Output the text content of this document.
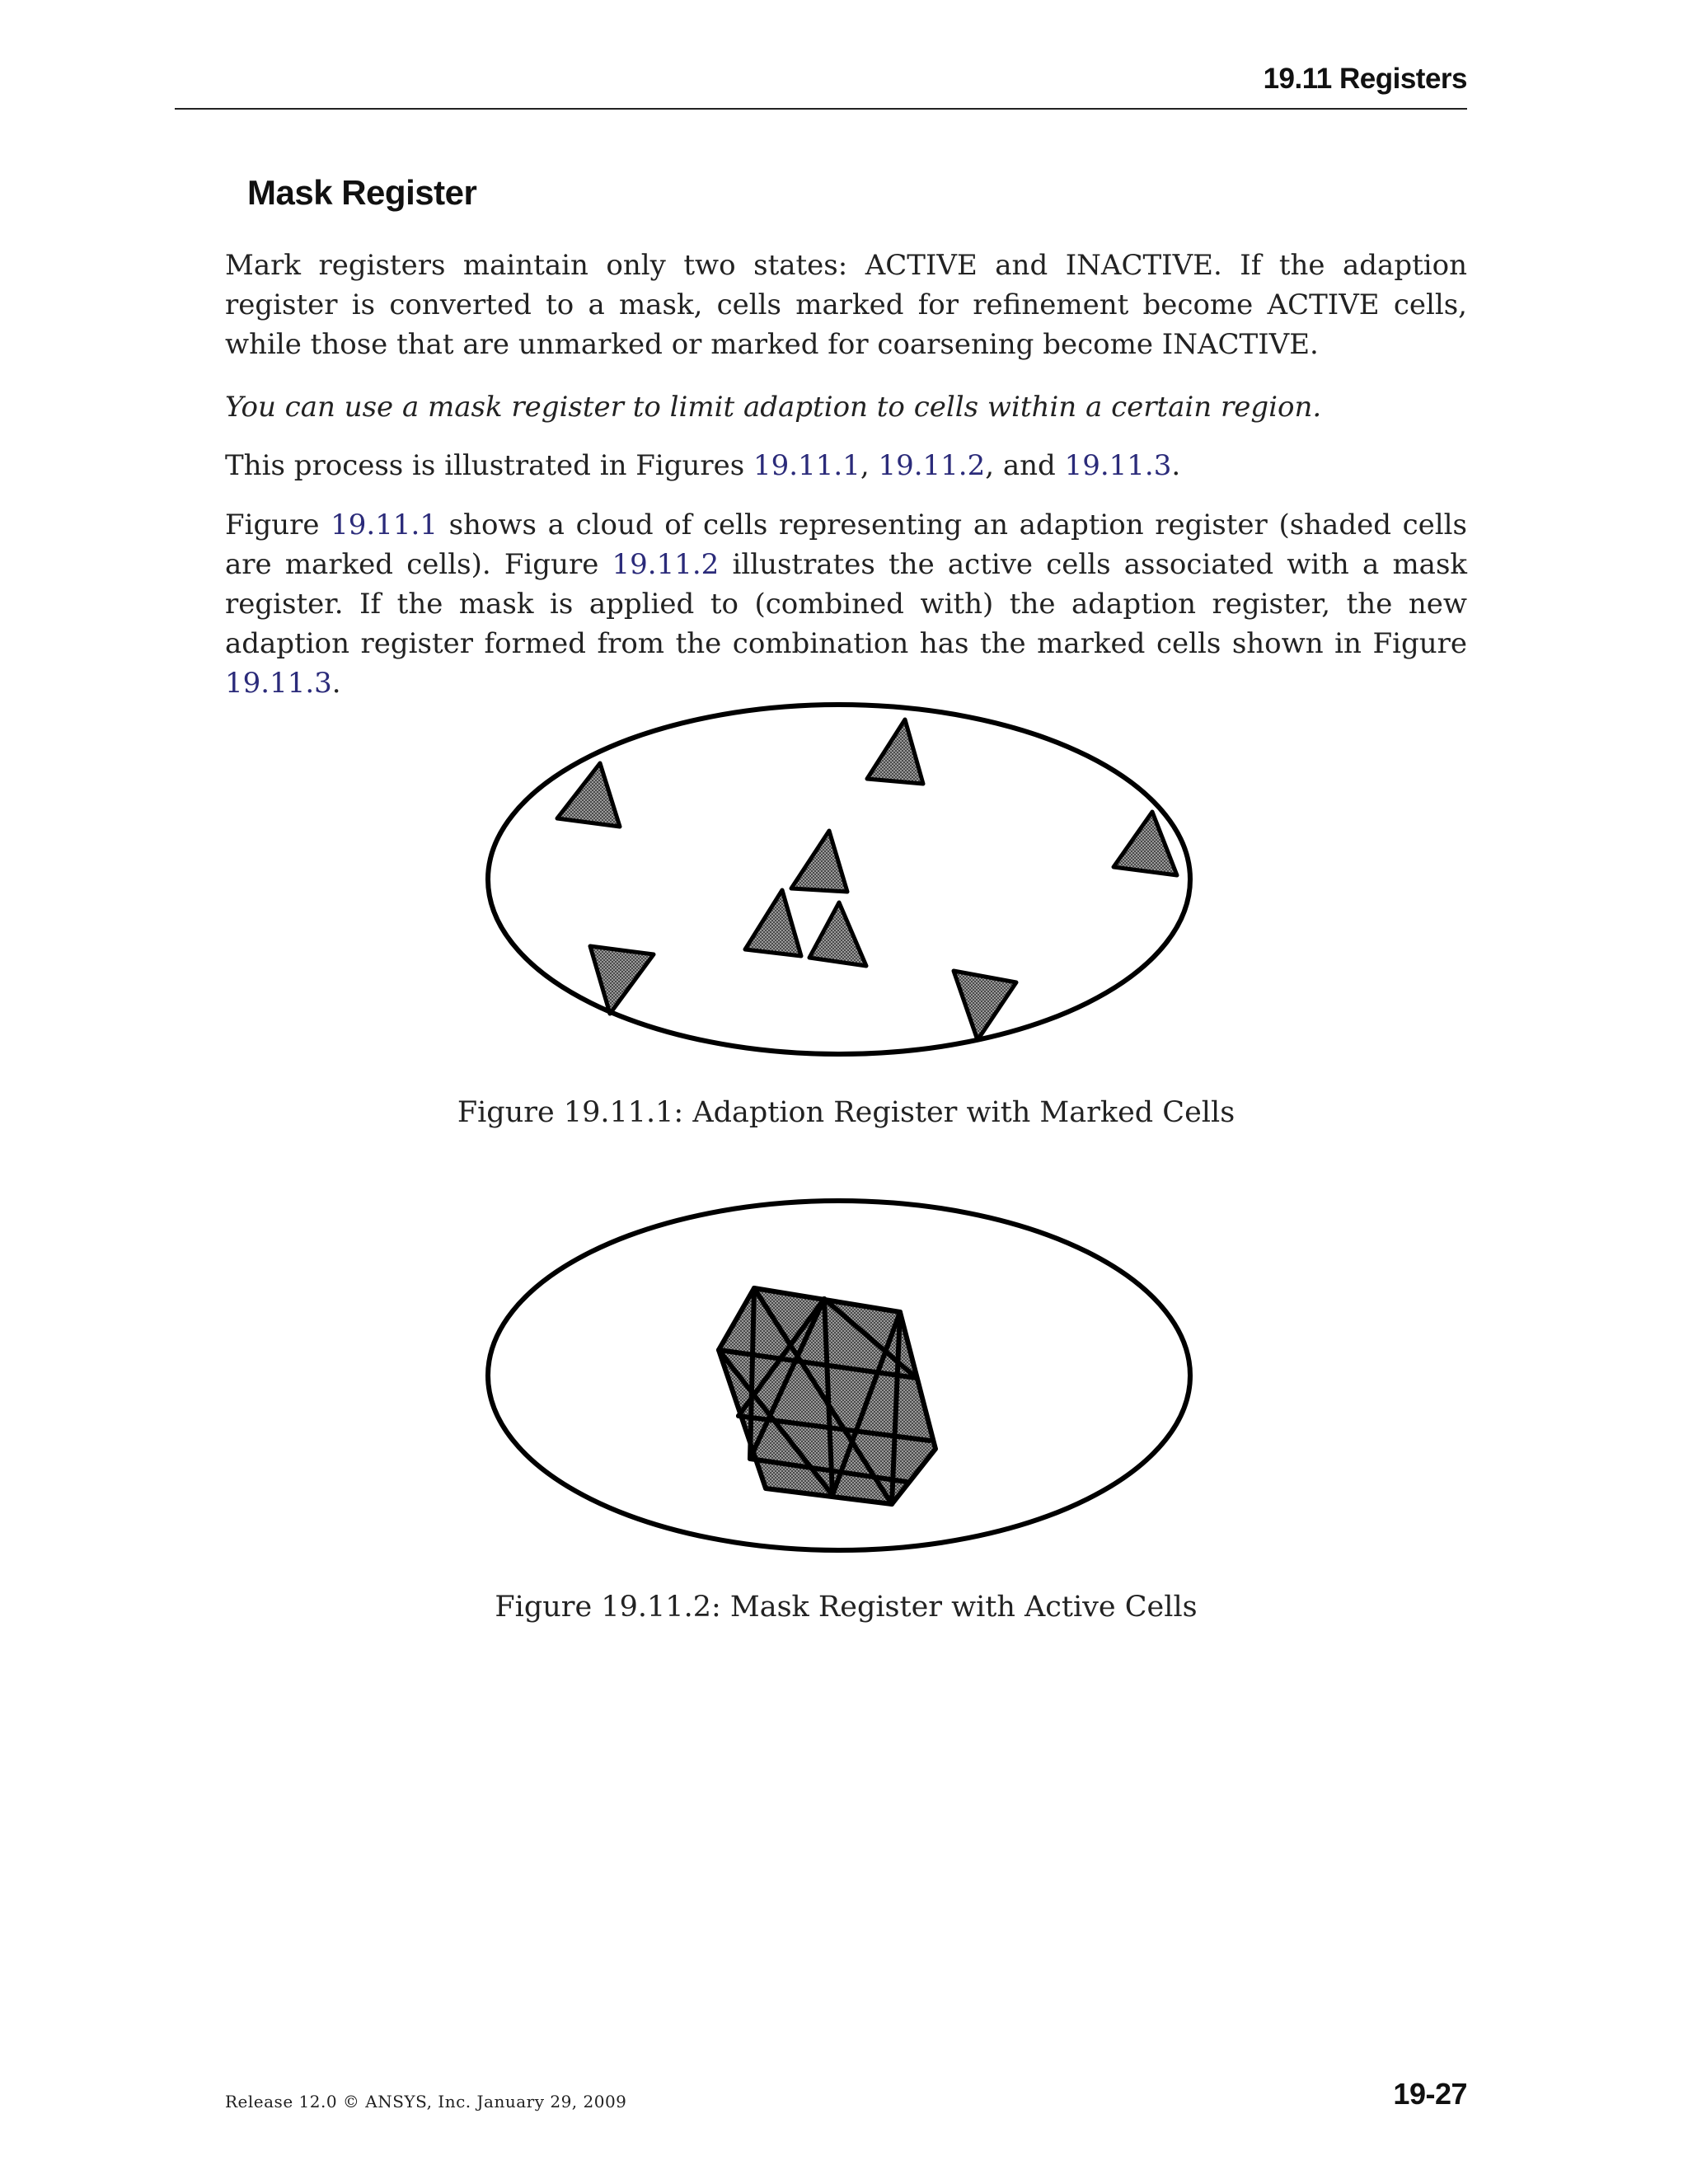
19.11 Registers
Mask Register

Mark registers maintain only two states: ACTIVE and INACTIVE. If the adaption register is converted to a mask, cells marked for refinement become ACTIVE cells, while those that are unmarked or marked for coarsening become INACTIVE.

You can use a mask register to limit adaption to cells within a certain region.

This process is illustrated in Figures 19.11.1, 19.11.2, and 19.11.3.

Figure 19.11.1 shows a cloud of cells representing an adaption register (shaded cells are marked cells). Figure 19.11.2 illustrates the active cells associated with a mask register. If the mask is applied to (combined with) the adaption register, the new adaption register formed from the combination has the marked cells shown in Figure 19.11.3.

Figure 19.11.1: Adaption Register with Marked Cells
Figure 19.11.2: Mask Register with Active Cells
Release 12.0 © ANSYS, Inc. January 29, 2009	19-27
